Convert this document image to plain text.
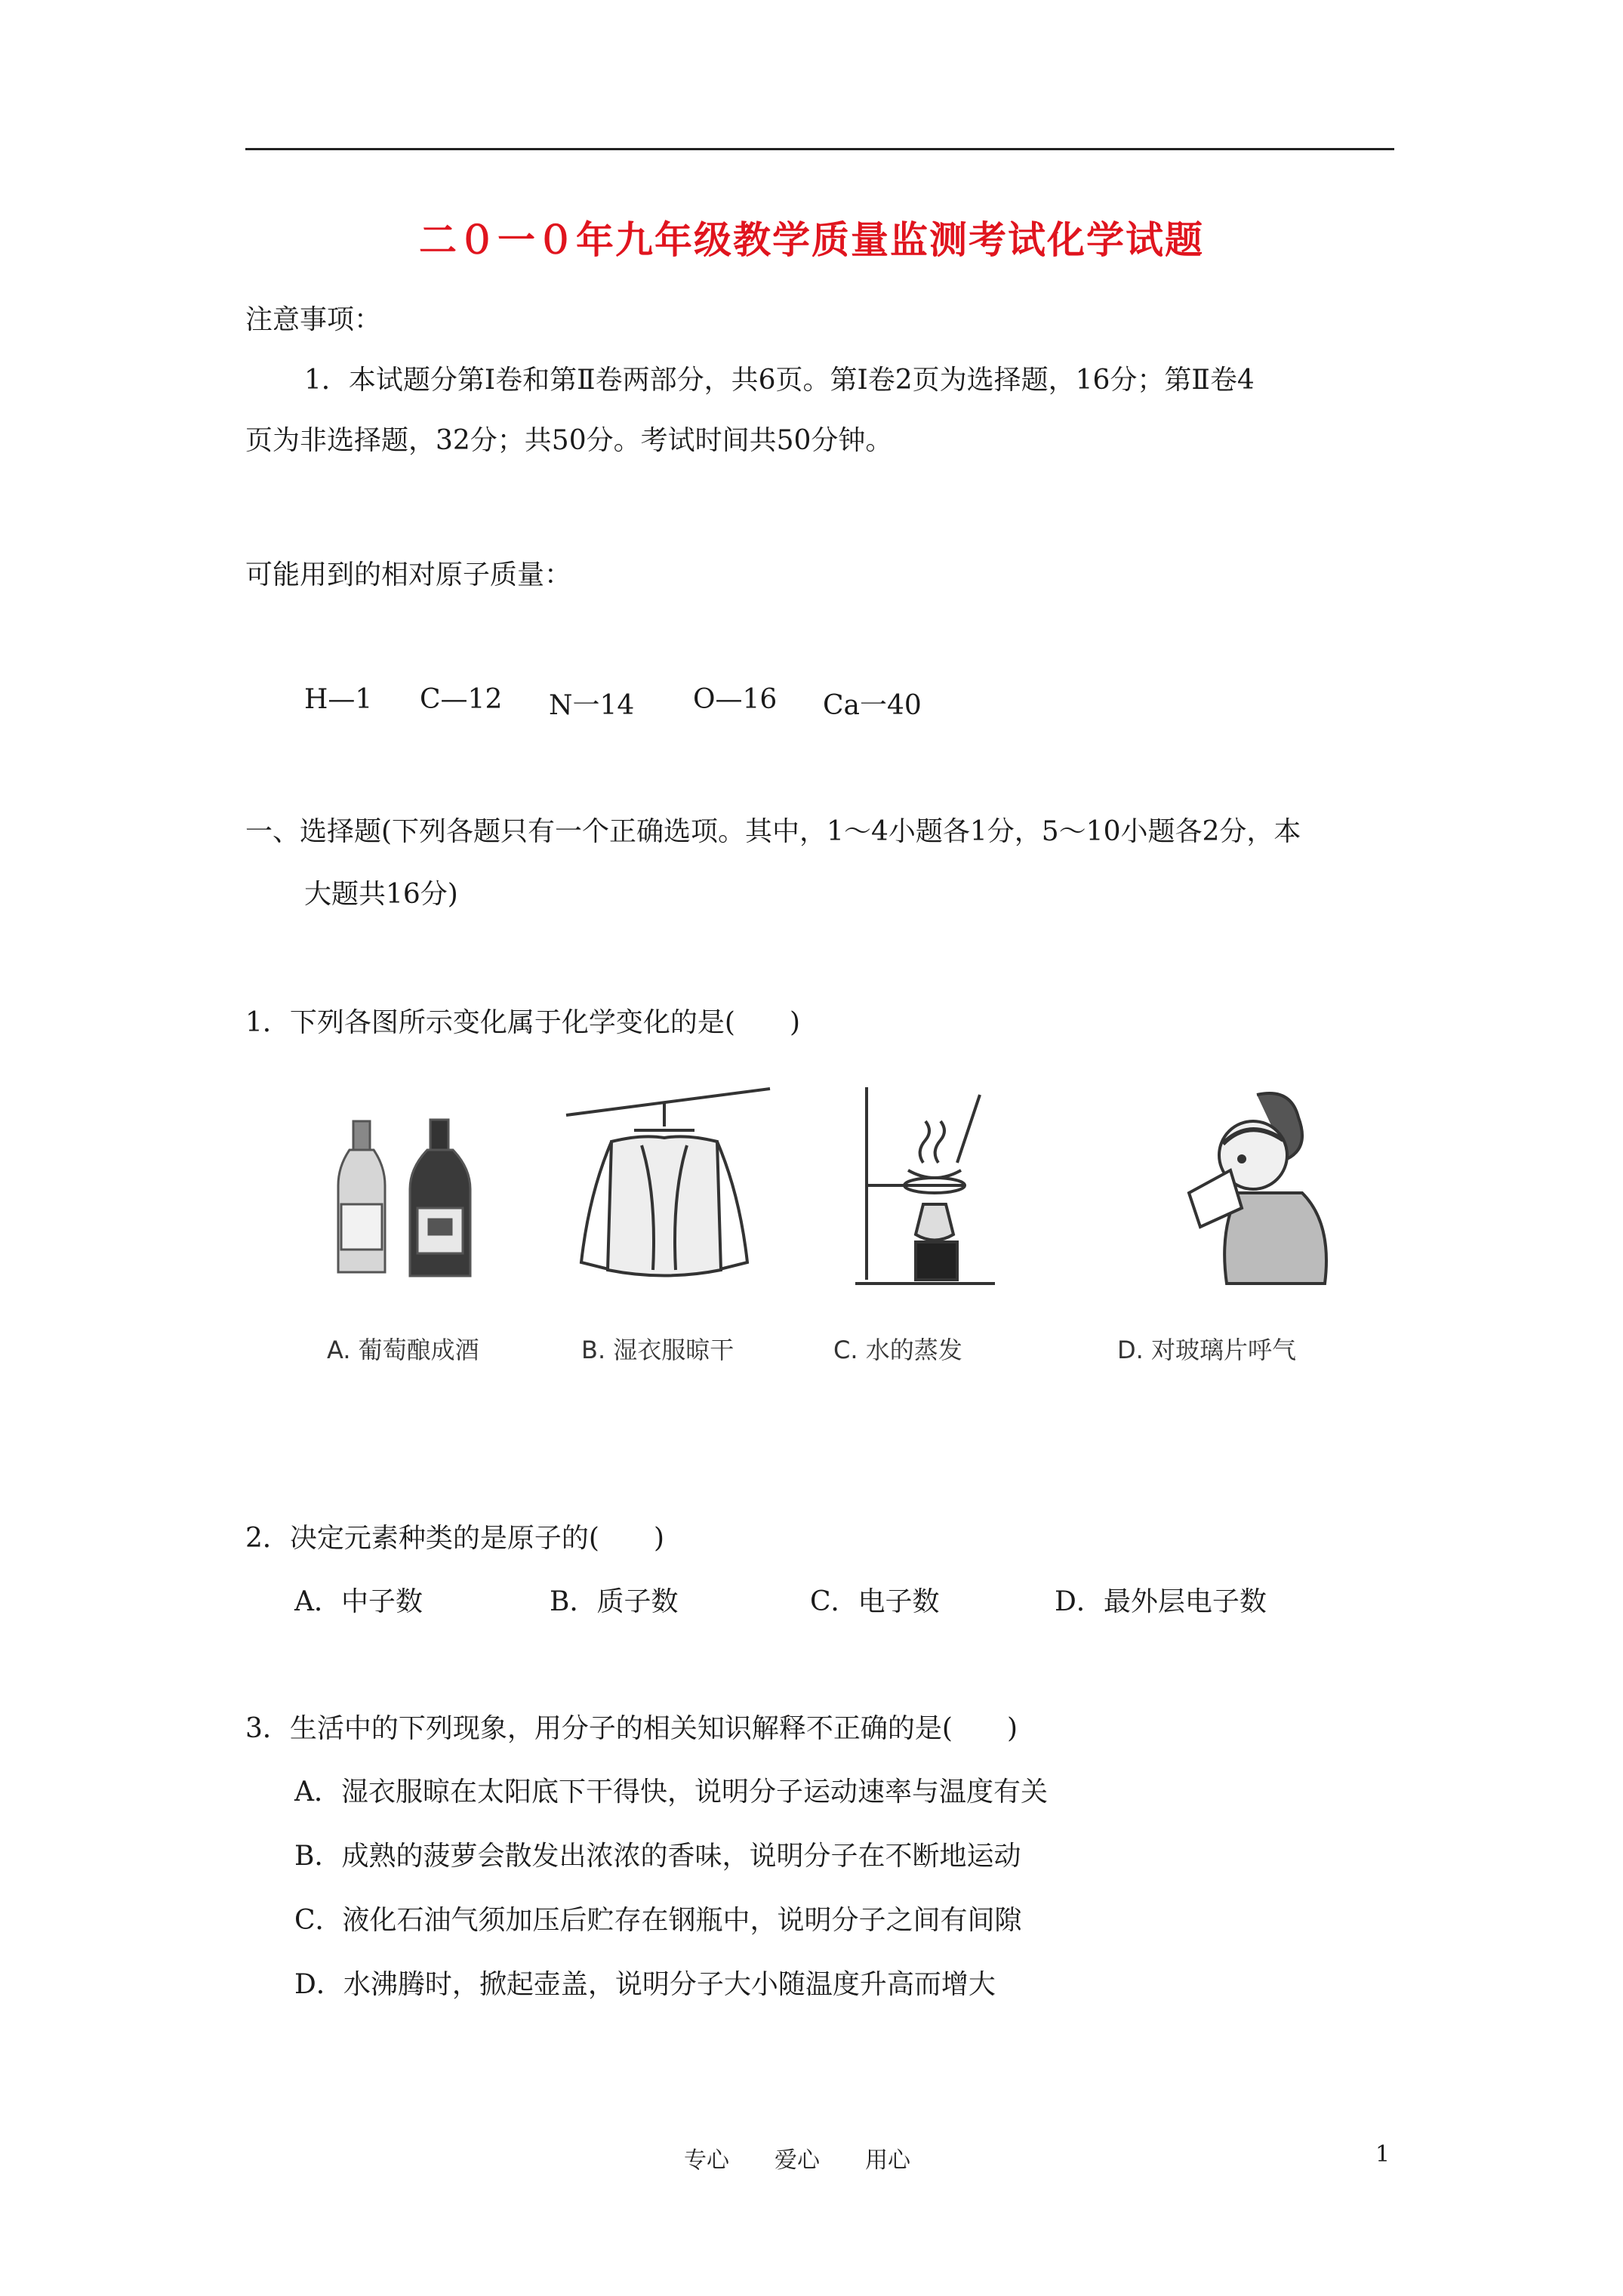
二０一０年九年级教学质量监测考试化学试题
注意事项：
1．本试题分第Ⅰ卷和第Ⅱ卷两部分，共6页。第Ⅰ卷2页为选择题，16分；第Ⅱ卷4
页为非选择题，32分；共50分。考试时间共50分钟。
可能用到的相对原子质量：
H—1 C—12 N一14 O—16 Ca一40
一、选择题(下列各题只有一个正确选项。其中，1～4小题各1分，5～10小题各2分，本
大题共16分)
1．下列各图所示变化属于化学变化的是(　　)
A. 葡萄酿成酒	B. 湿衣服晾干	C. 水的蒸发	D. 对玻璃片呼气
2．决定元素种类的是原子的(　　)
A．中子数	B．质子数	C．电子数	D．最外层电子数
3．生活中的下列现象，用分子的相关知识解释不正确的是(　　)
A．湿衣服晾在太阳底下干得快，说明分子运动速率与温度有关
B．成熟的菠萝会散发出浓浓的香味，说明分子在不断地运动
C．液化石油气须加压后贮存在钢瓶中，说明分子之间有间隙
D．水沸腾时，掀起壶盖，说明分子大小随温度升高而增大
专心　　爱心　　用心	1
